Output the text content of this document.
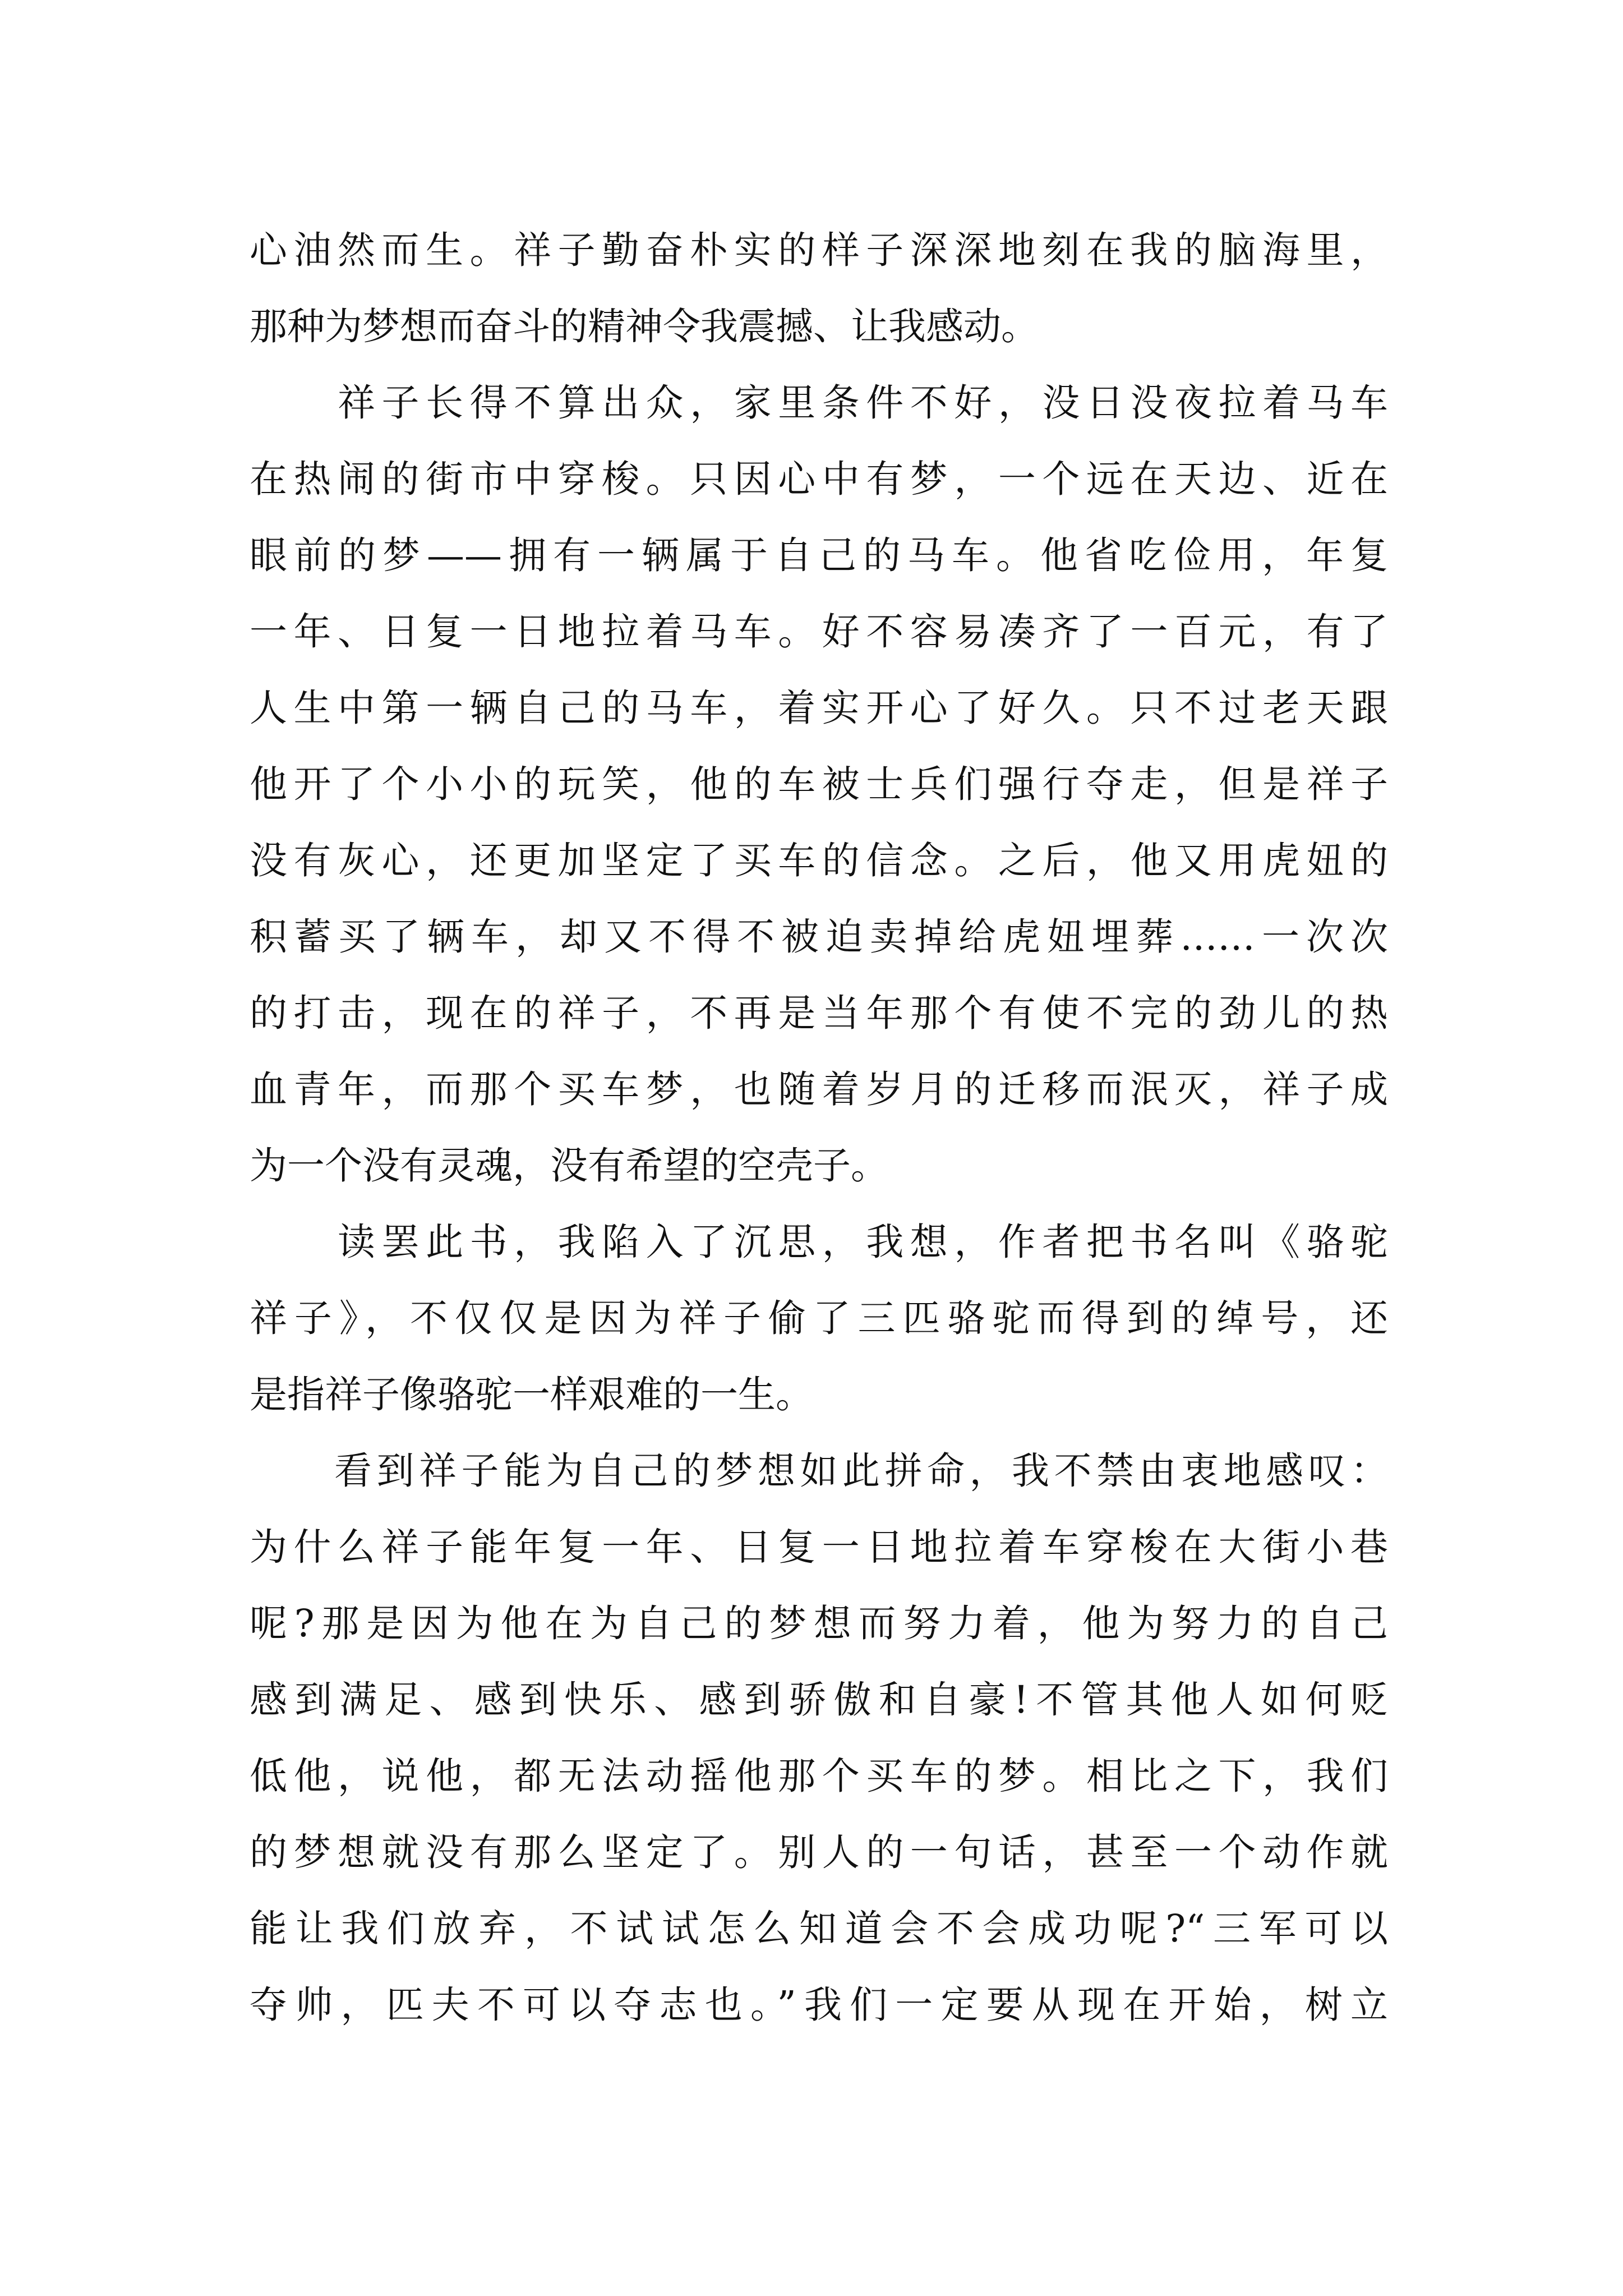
心油然而生。祥子勤奋朴实的样子深深地刻在我的脑海里，
那种为梦想而奋斗的精神令我震撼、让我感动。
　　祥子长得不算出众，家里条件不好，没日没夜拉着马车
在热闹的街市中穿梭。只因心中有梦，一个远在天边、近在
眼前的梦——拥有一辆属于自己的马车。他省吃俭用，年复
一年、日复一日地拉着马车。好不容易凑齐了一百元，有了
人生中第一辆自己的马车，着实开心了好久。只不过老天跟
他开了个小小的玩笑，他的车被士兵们强行夺走，但是祥子
没有灰心，还更加坚定了买车的信念。之后，他又用虎妞的
积蓄买了辆车，却又不得不被迫卖掉给虎妞埋葬……一次次
的打击，现在的祥子，不再是当年那个有使不完的劲儿的热
血青年，而那个买车梦，也随着岁月的迁移而泯灭，祥子成
为一个没有灵魂，没有希望的空壳子。
　　读罢此书，我陷入了沉思，我想，作者把书名叫《骆驼
祥子》，不仅仅是因为祥子偷了三匹骆驼而得到的绰号，还
是指祥子像骆驼一样艰难的一生。
　　看到祥子能为自己的梦想如此拼命，我不禁由衷地感叹：
为什么祥子能年复一年、日复一日地拉着车穿梭在大街小巷
呢?那是因为他在为自己的梦想而努力着，他为努力的自己
感到满足、感到快乐、感到骄傲和自豪!不管其他人如何贬
低他，说他，都无法动摇他那个买车的梦。相比之下，我们
的梦想就没有那么坚定了。别人的一句话，甚至一个动作就
能让我们放弃，不试试怎么知道会不会成功呢?“三军可以
夺帅，匹夫不可以夺志也。”我们一定要从现在开始，树立
